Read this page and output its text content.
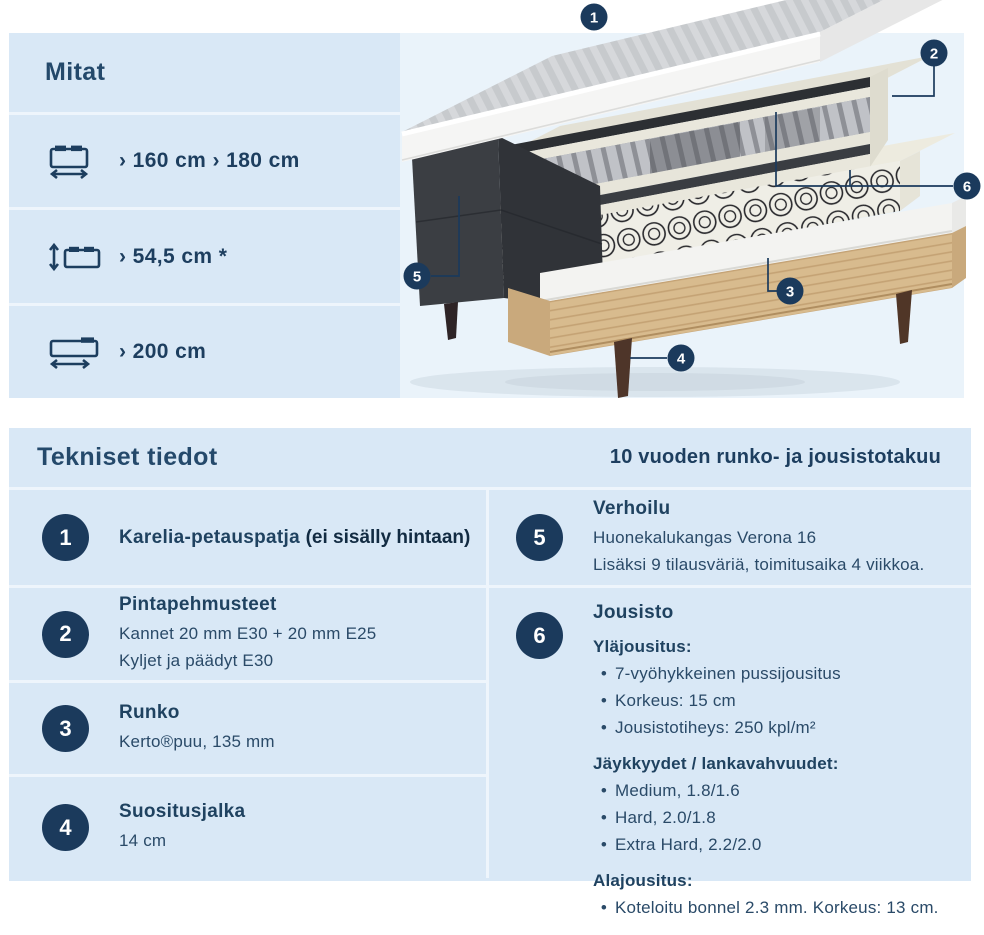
Mitat
› 160 cm › 180 cm
› 54,5 cm *
› 200 cm
1
2
3
4
5
6
Tekniset tiedot	10 vuoden runko- ja jousistotakuu
1	Karelia-petauspatja (ei sisälly hintaan)
2
Pintapehmusteet
Kannet 20 mm E30 + 20 mm E25
Kyljet ja päädyt E30
3
Runko
Kerto®puu, 135 mm
4
Suositusjalka
14 cm
5
Verhoilu
Huonekalukangas Verona 16
Lisäksi 9 tilausväriä, toimitusaika 4 viikkoa.
6
Jousisto
Yläjousitus:
• 7-vyöhykkeinen pussijousitus
• Korkeus: 15 cm
• Jousistotiheys: 250 kpl/m²
Jäykkyydet / lankavahvuudet:
• Medium, 1.8/1.6
• Hard, 2.0/1.8
• Extra Hard, 2.2/2.0
Alajousitus:
• Koteloitu bonnel 2.3 mm. Korkeus: 13 cm.
